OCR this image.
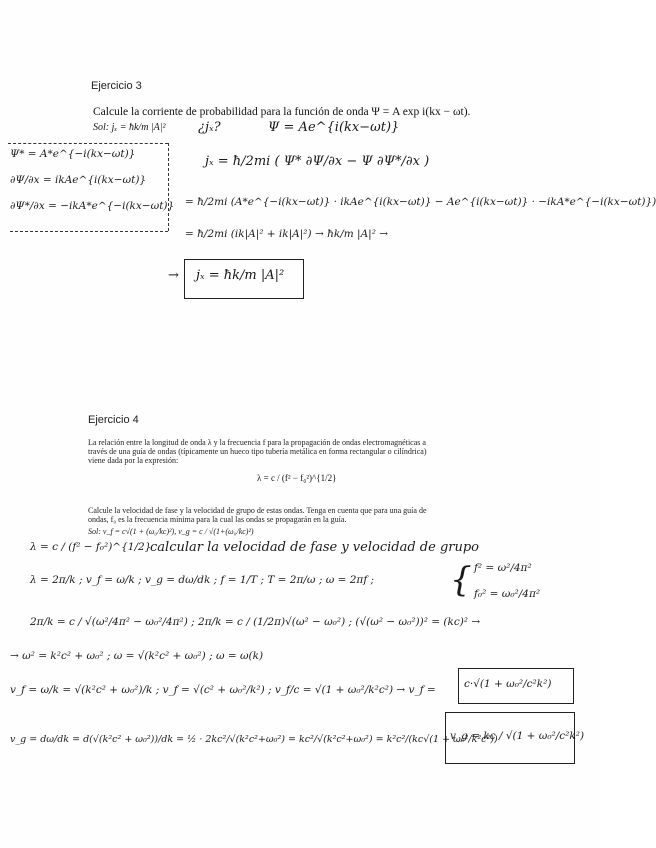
Ejercicio 3
Calcule la corriente de probabilidad para la función de onda Ψ = A exp i(kx − ωt).
Sol: jₓ = ħk/m |A|² ¿jₓ?	Ψ = Ae^{i(kx−ωt)}
Ψ* = A*e^{−i(kx−ωt)}
∂Ψ/∂x = ikAe^{i(kx−ωt)}
∂Ψ*/∂x = −ikA*e^{−i(kx−ωt)}
jₓ = ħ/2mi ( Ψ* ∂Ψ/∂x − Ψ ∂Ψ*/∂x )
= ħ/2mi (A*e^{−i(kx−ωt)} · ikAe^{i(kx−ωt)} − Ae^{i(kx−ωt)} · −ikA*e^{−i(kx−ωt)})
= ħ/2mi (ik|A|² + ik|A|²) → ħk/m |A|² →
→ jₓ = ħk/m |A|²
Ejercicio 4
La relación entre la longitud de onda λ y la frecuencia f para la propagación de ondas electromagnéticas a
través de una guía de ondas (típicamente un hueco tipo tubería metálica en forma rectangular o cilíndrica)
viene dada por la expresión:
λ = c / (f² − f₀²)^{1/2}
Calcule la velocidad de fase y la velocidad de grupo de estas ondas. Tenga en cuenta que para una guía de
ondas, f₀ es la frecuencia mínima para la cual las ondas se propagarán en la guía.
Sol: v_f = c√(1 + (ω₀/kc)²), v_g = c / √(1+(ω₀/kc)²)
λ = c / (f² − f₀²)^{1/2}
calcular la velocidad de fase y velocidad de grupo
λ = 2π/k ; v_f = ω/k ; v_g = dω/dk ; f = 1/T ; T = 2π/ω ; ω = 2πf ; { f² = ω²/4π²
f₀² = ω₀²/4π²
2π/k = c / √(ω²/4π² − ω₀²/4π²) ; 2π/k = c / (1/2π)√(ω² − ω₀²) ; (√(ω² − ω₀²))² = (kc)² →
→ ω² = k²c² + ω₀² ; ω = √(k²c² + ω₀²) ; ω = ω(k)
v_f = ω/k = √(k²c² + ω₀²)/k ; v_f = √(c² + ω₀²/k²) ; v_f/c = √(1 + ω₀²/k²c²) → v_f =	c·√(1 + ω₀²/c²k²)
v_g = dω/dk = d(√(k²c² + ω₀²))/dk = ½ · 2kc²/√(k²c²+ω₀²) = kc²/√(k²c²+ω₀²) = k²c²/(kc√(1 + ω₀²/k²c²))
v_g = kc / √(1 + ω₀²/c²k²)
